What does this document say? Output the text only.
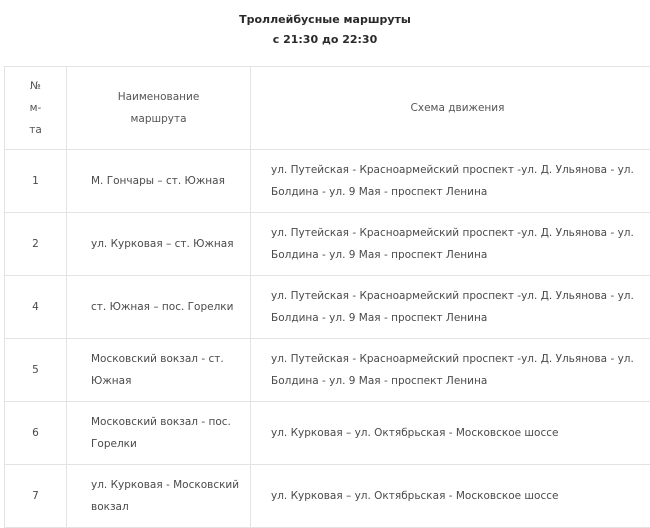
Троллейбусные маршруты
с 21:30 до 22:30
№ м-та	Наименование маршрута	Схема движения
1	М. Гончары – ст. Южная	ул. Путейская - Красноармейский проспект -ул. Д. Ульянова - ул. Болдина - ул. 9 Мая - проспект Ленина
2	ул. Курковая – ст. Южная	ул. Путейская - Красноармейский проспект -ул. Д. Ульянова - ул. Болдина - ул. 9 Мая - проспект Ленина
4	ст. Южная – пос. Горелки	ул. Путейская - Красноармейский проспект -ул. Д. Ульянова - ул. Болдина - ул. 9 Мая - проспект Ленина
5	Московский вокзал - ст. Южная	ул. Путейская - Красноармейский проспект -ул. Д. Ульянова - ул. Болдина - ул. 9 Мая - проспект Ленина
6	Московский вокзал - пос. Горелки	ул. Курковая – ул. Октябрьская - Московское шоссе
7	ул. Курковая - Московский вокзал	ул. Курковая – ул. Октябрьская - Московское шоссе
